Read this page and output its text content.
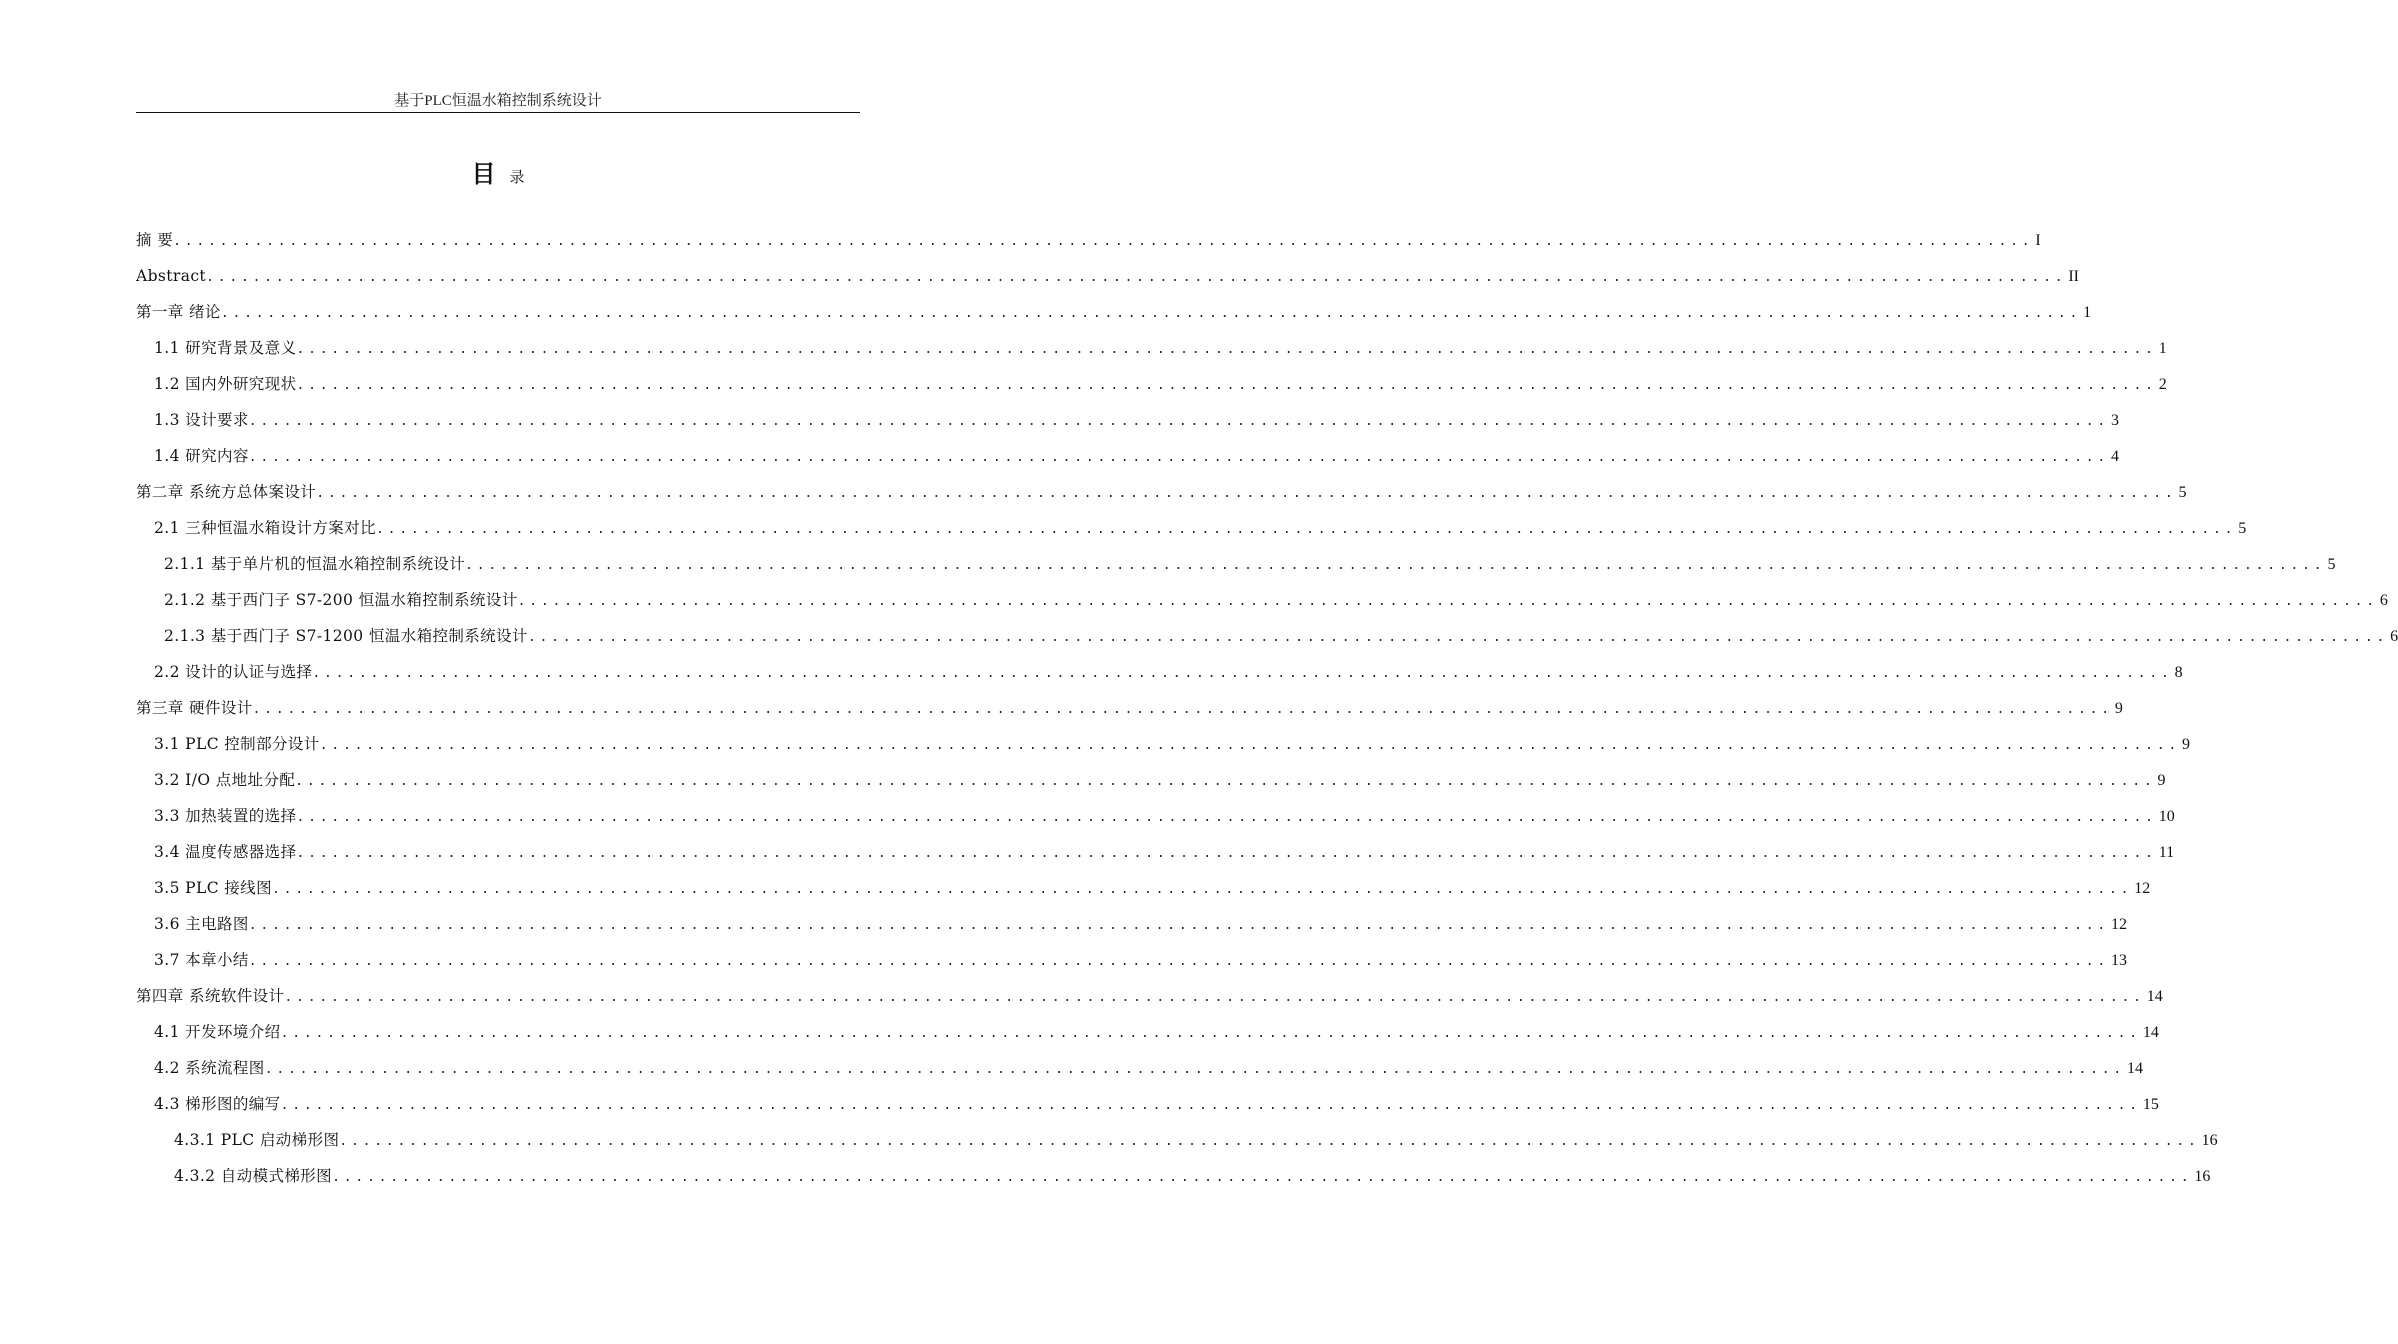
基于PLC恒温水箱控制系统设计
目录
摘 要 ................................................................................................................................................................ I
Abstract ................................................................................................................................................................ II
第一章 绪论 ................................................................................................................................................................ 1
1.1 研究背景及意义 ................................................................................................................................................................ 1
1.2 国内外研究现状 ................................................................................................................................................................ 2
1.3 设计要求 ................................................................................................................................................................ 3
1.4 研究内容 ................................................................................................................................................................ 4
第二章 系统方总体案设计 ................................................................................................................................................................ 5
2.1 三种恒温水箱设计方案对比 ................................................................................................................................................................ 5
2.1.1 基于单片机的恒温水箱控制系统设计 ................................................................................................................................................................ 5
2.1.2 基于西门子 S7-200 恒温水箱控制系统设计 ................................................................................................................................................................ 6
2.1.3 基于西门子 S7-1200 恒温水箱控制系统设计 ................................................................................................................................................................ 6
2.2 设计的认证与选择 ................................................................................................................................................................ 8
第三章 硬件设计 ................................................................................................................................................................ 9
3.1 PLC 控制部分设计 ................................................................................................................................................................ 9
3.2 I/O 点地址分配 ................................................................................................................................................................ 9
3.3 加热装置的选择 ................................................................................................................................................................ 10
3.4 温度传感器选择 ................................................................................................................................................................ 11
3.5 PLC 接线图 ................................................................................................................................................................ 12
3.6 主电路图 ................................................................................................................................................................ 12
3.7 本章小结 ................................................................................................................................................................ 13
第四章 系统软件设计 ................................................................................................................................................................ 14
4.1 开发环境介绍 ................................................................................................................................................................ 14
4.2 系统流程图 ................................................................................................................................................................ 14
4.3 梯形图的编写 ................................................................................................................................................................ 15
4.3.1 PLC 启动梯形图 ................................................................................................................................................................ 16
4.3.2 自动模式梯形图 ................................................................................................................................................................ 16
